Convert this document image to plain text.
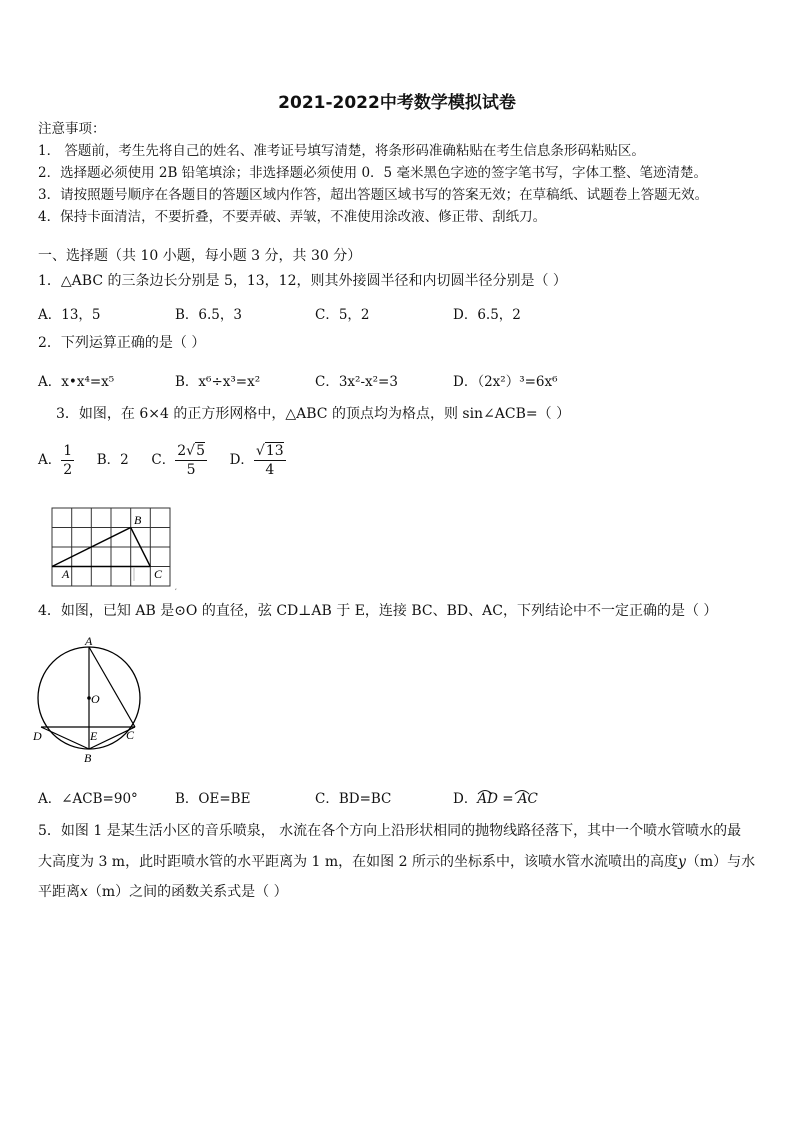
2021-2022中考数学模拟试卷
注意事项：
1． 答题前，考生先将自己的姓名、准考证号填写清楚，将条形码准确粘贴在考生信息条形码粘贴区。
2．选择题必须使用 2B 铅笔填涂；非选择题必须使用 0．5 毫米黑色字迹的签字笔书写，字体工整、笔迹清楚。
3．请按照题号顺序在各题目的答题区域内作答，超出答题区域书写的答案无效；在草稿纸、试题卷上答题无效。
4．保持卡面清洁，不要折叠，不要弄破、弄皱，不准使用涂改液、修正带、刮纸刀。
一、选择题（共 10 小题，每小题 3 分，共 30 分）
1．△ABC 的三条边长分别是 5，13，12，则其外接圆半径和内切圆半径分别是（ ）
A．13，5	B．6.5，3	C．5，2	D．6.5，2
2．下列运算正确的是（ ）
A．x•x⁴=x⁵	B．x⁶÷x³=x²	C．3x²-x²=3	D．（2x²）³=6x⁶
3．如图，在 6×4 的正方形网格中，△ABC 的顶点均为格点，则 sin∠ACB=（ ）
A． $\frac{1}{2}$ B．2 C． $\frac{2√5}{5}$ D． $\frac{√13}{4}$
A
B
C
,
4．如图，已知 AB 是⊙O 的直径，弦 CD⊥AB 于 E，连接 BC、BD、AC，下列结论中不一定正确的是（ ）
A
O
D	E C
B
A．∠ACB=90°	B．OE=BE	C．BD=BC	D．AD = AC
5．如图 1 是某生活小区的音乐喷泉， 水流在各个方向上沿形状相同的抛物线路径落下，其中一个喷水管喷水的最
大高度为 3 m，此时距喷水管的水平距离为 1 m，在如图 2 所示的坐标系中，该喷水管水流喷出的高度y（m）与水
平距离x（m）之间的函数关系式是（ ）
